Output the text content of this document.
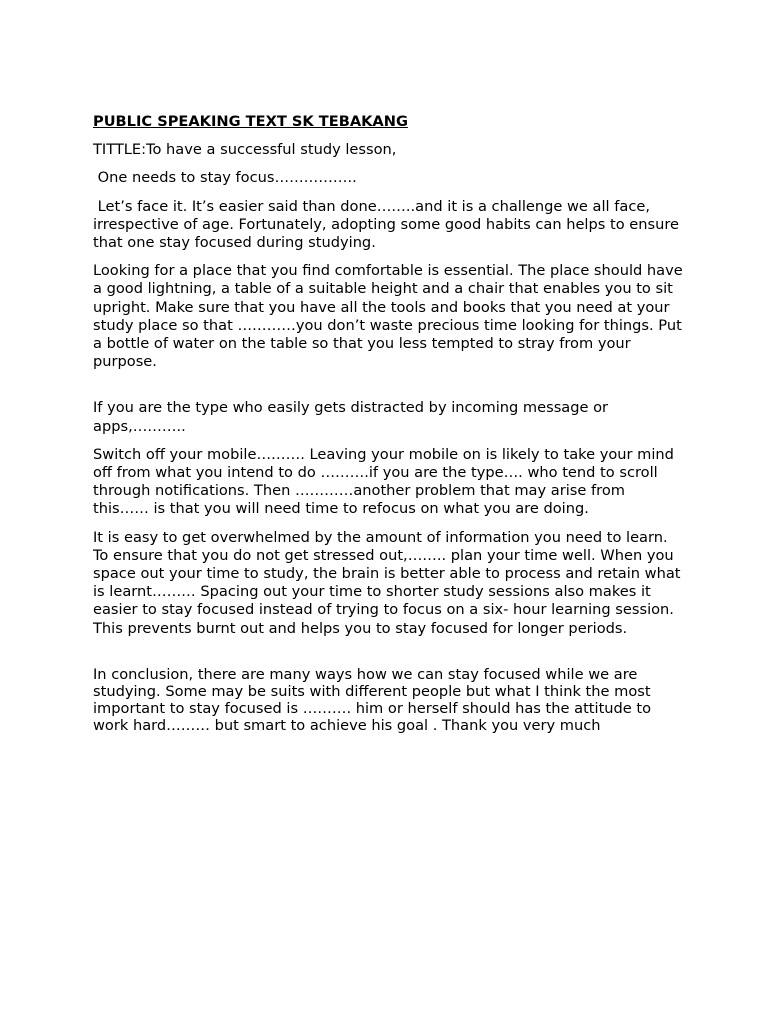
PUBLIC SPEAKING TEXT SK TEBAKANG

TITTLE:To have a successful study lesson,

One needs to stay focus……………..

Let’s face it. It’s easier said than done……..and it is a challenge we all face, irrespective of age. Fortunately, adopting some good habits can helps to ensure that one stay focused during studying.

Looking for a place that you find comfortable is essential. The place should have a good lightning, a table of a suitable height and a chair that enables you to sit upright. Make sure that you have all the tools and books that you need at your study place so that …………you don’t waste precious time looking for things. Put a bottle of water on the table so that you less tempted to stray from your purpose.

If you are the type who easily gets distracted by incoming message or apps,………..

Switch off your mobile………. Leaving your mobile on is likely to take your mind off from what you intend to do ……….if you are the type…. who tend to scroll through notifications. Then …………another problem that may arise from this…… is that you will need time to refocus on what you are doing.

It is easy to get overwhelmed by the amount of information you need to learn. To ensure that you do not get stressed out,…….. plan your time well. When you space out your time to study, the brain is better able to process and retain what is learnt……… Spacing out your time to shorter study sessions also makes it easier to stay focused instead of trying to focus on a six- hour learning session. This prevents burnt out and helps you to stay focused for longer periods.

In conclusion, there are many ways how we can stay focused while we are studying. Some may be suits with different people but what I think the most important to stay focused is ………. him or herself should has the attitude to work hard……… but smart to achieve his goal . Thank you very much
